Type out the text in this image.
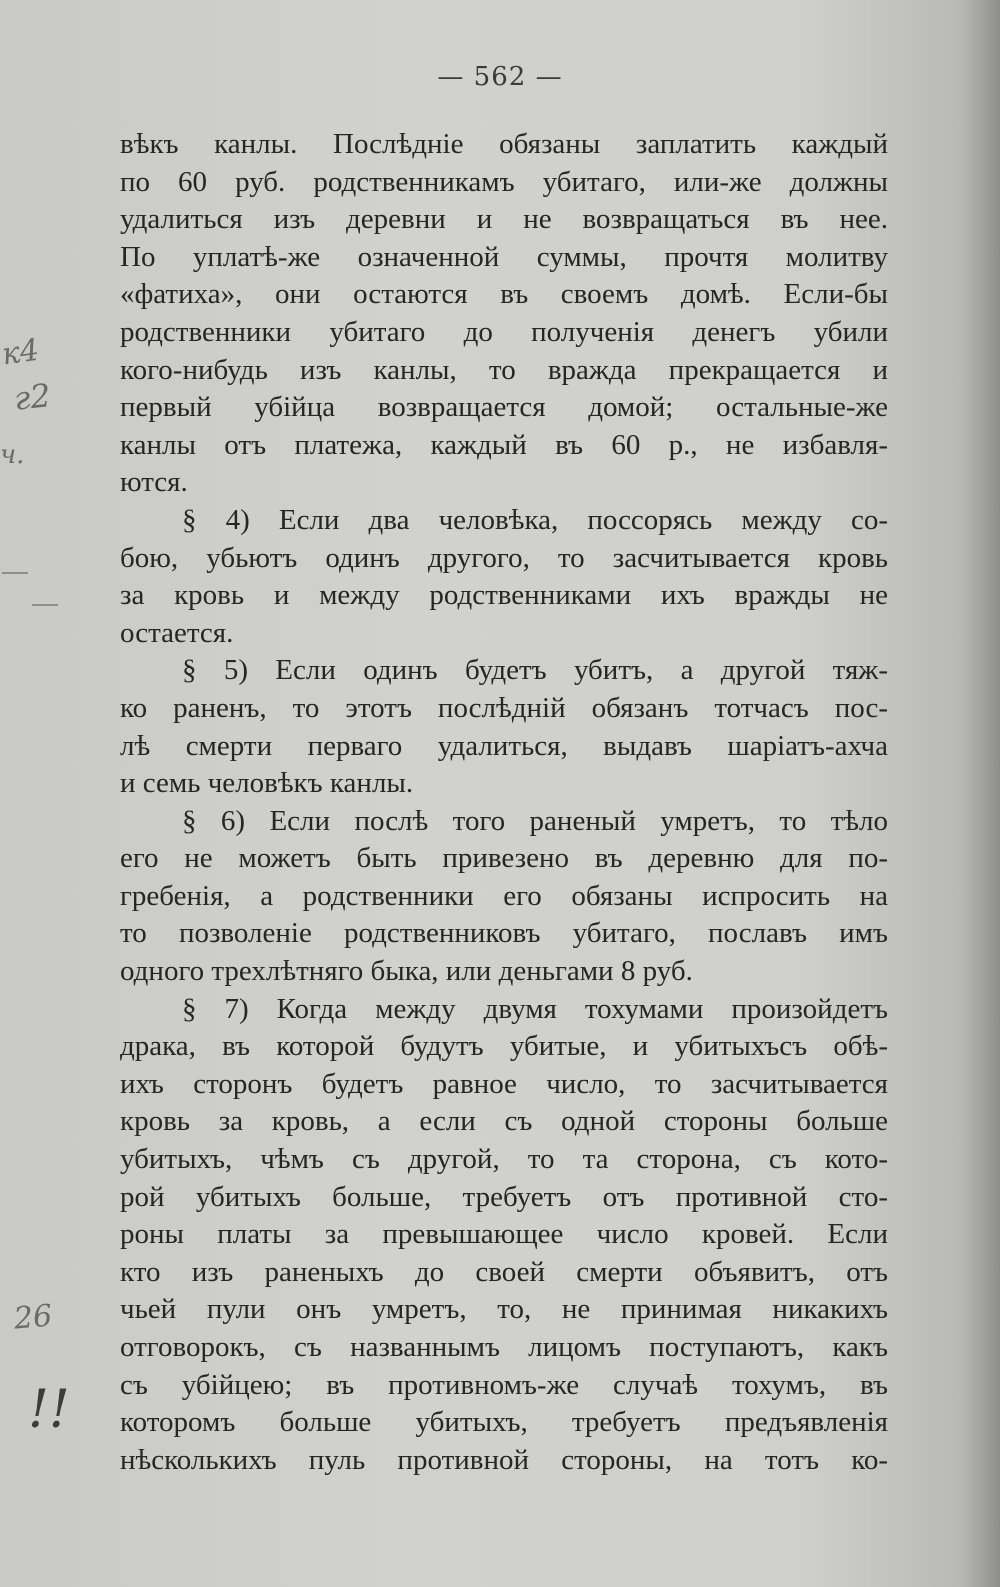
— 562 —
к4
г2
ч.
26
!!
вѣкъ канлы. Послѣдніе обязаны заплатить каждый
по 60 руб. родственникамъ убитаго, или-же должны
удалиться изъ деревни и не возвращаться въ нее.
По уплатѣ-же означенной суммы, прочтя молитву
«фатиха», они остаются въ своемъ домѣ. Если-бы
родственники убитаго до полученія денегъ убили
кого-нибудь изъ канлы, то вражда прекращается и
первый убійца возвращается домой; остальные-же
канлы отъ платежа, каждый въ 60 р., не избавля-
ются.
§ 4) Если два человѣка, поссорясь между со-
бою, убьютъ одинъ другого, то засчитывается кровь
за кровь и между родственниками ихъ вражды не
остается.
§ 5) Если одинъ будетъ убитъ, а другой тяж-
ко раненъ, то этотъ послѣдній обязанъ тотчасъ пос-
лѣ смерти перваго удалиться, выдавъ шаріатъ-ахча
и семь человѣкъ канлы.
§ 6) Если послѣ того раненый умретъ, то тѣло
его не можетъ быть привезено въ деревню для по-
гребенія, а родственники его обязаны испросить на
то позволеніе родственниковъ убитаго, пославъ имъ
одного трехлѣтняго быка, или деньгами 8 руб.
§ 7) Когда между двумя тохумами произойдетъ
драка, въ которой будутъ убитые, и убитыхъсъ обѣ-
ихъ сторонъ будетъ равное число, то засчитывается
кровь за кровь, а если съ одной стороны больше
убитыхъ, чѣмъ съ другой, то та сторона, съ кото-
рой убитыхъ больше, требуетъ отъ противной сто-
роны платы за превышающее число кровей. Если
кто изъ раненыхъ до своей смерти объявитъ, отъ
чьей пули онъ умретъ, то, не принимая никакихъ
отговорокъ, съ названнымъ лицомъ поступаютъ, какъ
съ убійцею; въ противномъ-же случаѣ тохумъ, въ
которомъ больше убитыхъ, требуетъ предъявленія
нѣсколькихъ пуль противной стороны, на тотъ ко-
